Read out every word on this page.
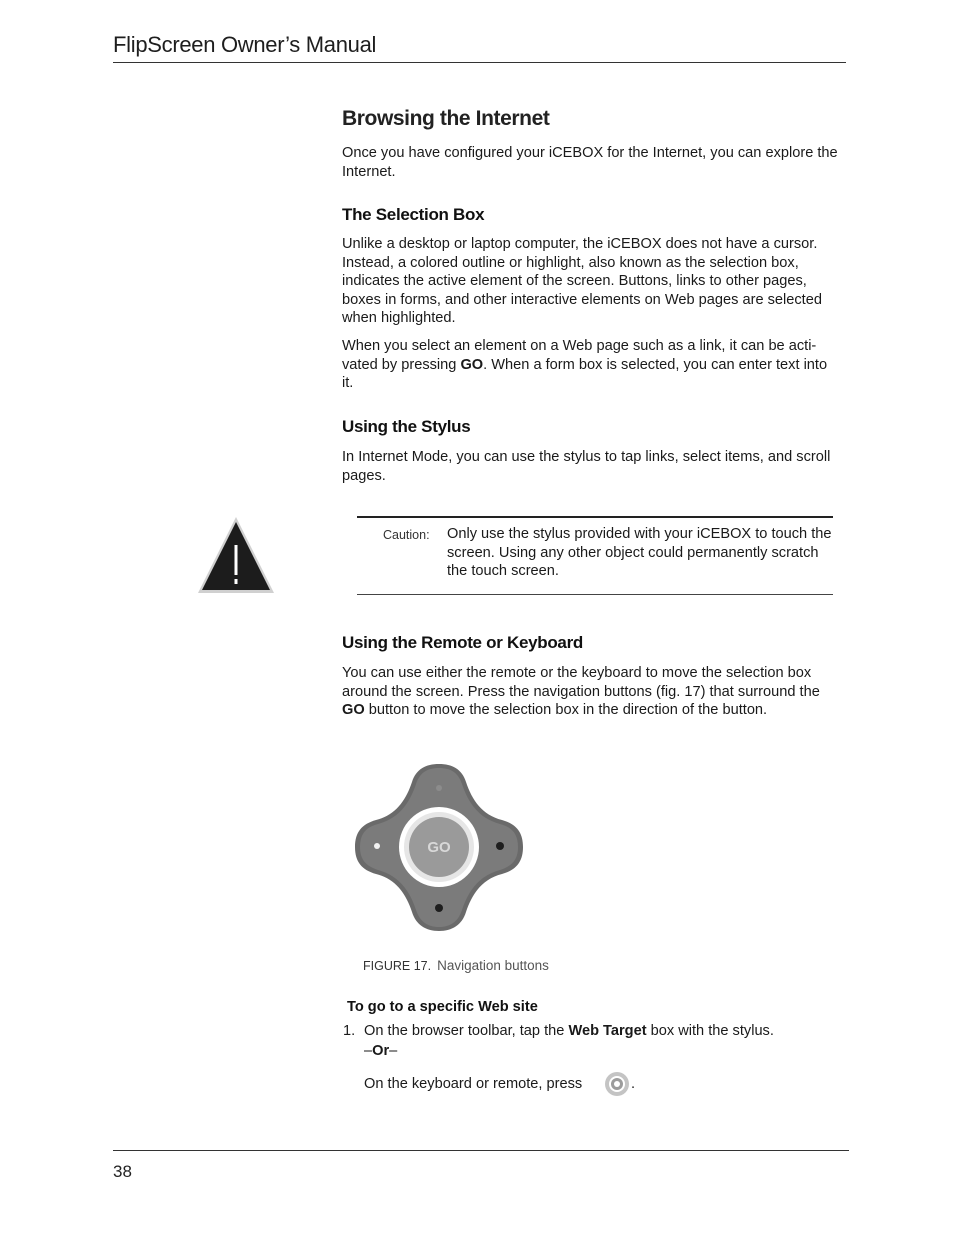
FlipScreen Owner’s Manual
Browsing the Internet

Once you have configured your iCEBOX for the Internet, you can explore the Internet.

The Selection Box

Unlike a desktop or laptop computer, the iCEBOX does not have a cursor. Instead, a colored outline or highlight, also known as the selection box, indicates the active element of the screen. Buttons, links to other pages, boxes in forms, and other interactive elements on Web pages are selected when highlighted.

When you select an element on a Web page such as a link, it can be acti-vated by pressing GO. When a form box is selected, you can enter text into it.

Using the Stylus

In Internet Mode, you can use the stylus to tap links, select items, and scroll pages.

Caution: Only use the stylus provided with your iCEBOX to touch the screen. Using any other object could permanently scratch the touch screen.
Using the Remote or Keyboard

You can use either the remote or the keyboard to move the selection box around the screen. Press the navigation buttons (fig. 17) that surround the GO button to move the selection box in the direction of the button.

GO
FIGURE 17. Navigation buttons
To go to a specific Web site
1. On the browser toolbar, tap the Web Target box with the stylus.
–Or–
On the keyboard or remote, press	.
38
